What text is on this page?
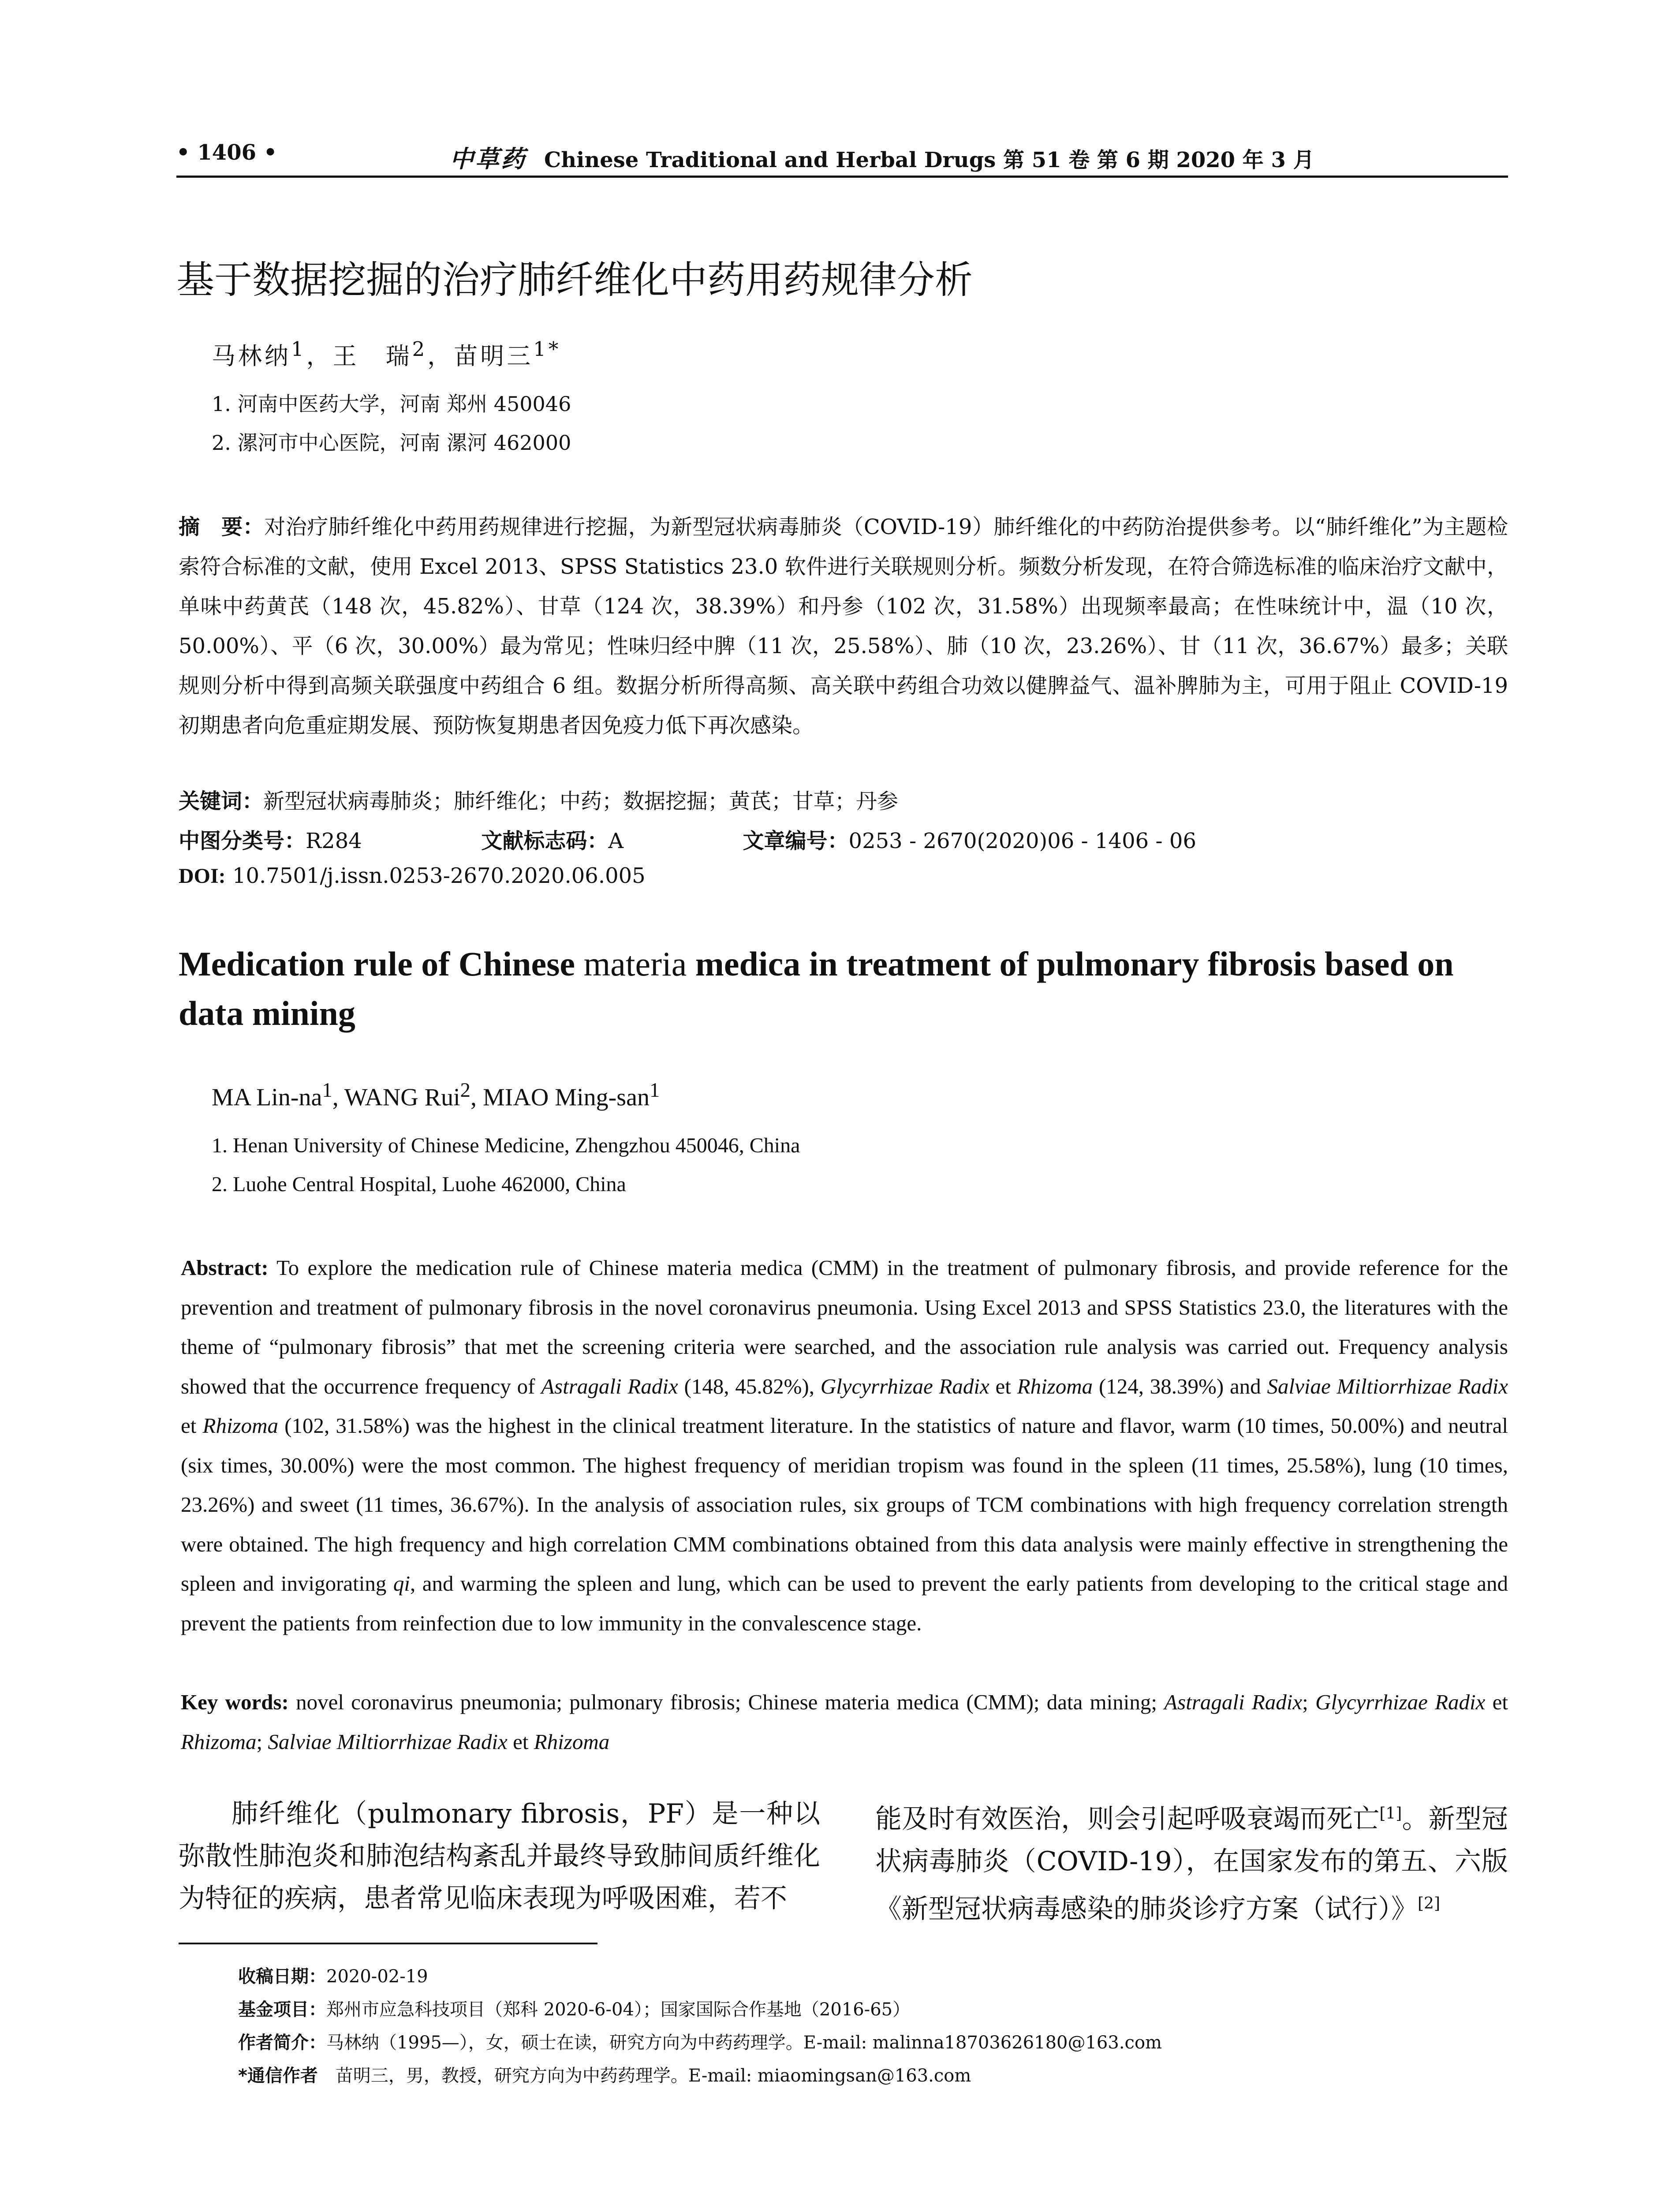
• 1406 •	中草药 Chinese Traditional and Herbal Drugs 第 51 卷 第 6 期 2020 年 3 月
基于数据挖掘的治疗肺纤维化中药用药规律分析
马林纳$^1$，王　瑞$^2$，苗明三$^{1*}$
1. 河南中医药大学，河南 郑州 450046
2. 漯河市中心医院，河南 漯河 462000
摘　要：对治疗肺纤维化中药用药规律进行挖掘，为新型冠状病毒肺炎（COVID-19）肺纤维化的中药防治提供参考。以“肺纤维化”为主题检索符合标准的文献，使用 Excel 2013、SPSS Statistics 23.0 软件进行关联规则分析。频数分析发现，在符合筛选标准的临床治疗文献中，单味中药黄芪（148 次，45.82%）、甘草（124 次，38.39%）和丹参（102 次，31.58%）出现频率最高；在性味统计中，温（10 次，50.00%）、平（6 次，30.00%）最为常见；性味归经中脾（11 次，25.58%）、肺（10 次，23.26%）、甘（11 次，36.67%）最多；关联规则分析中得到高频关联强度中药组合 6 组。数据分析所得高频、高关联中药组合功效以健脾益气、温补脾肺为主，可用于阻止 COVID-19 初期患者向危重症期发展、预防恢复期患者因免疫力低下再次感染。
关键词：新型冠状病毒肺炎；肺纤维化；中药；数据挖掘；黄芪；甘草；丹参
中图分类号：R284	文献标志码：A	文章编号：0253 - 2670(2020)06 - 1406 - 06
DOI: 10.7501/j.issn.0253-2670.2020.06.005
Medication rule of Chinese materia medica in treatment of pulmonary fibrosis based on data mining
MA Lin-$na^1$, WANG Rui$^2$, MIAO Ming-san$^1$
1. Henan University of Chinese Medicine, Zhengzhou 450046, China
2. Luohe Central Hospital, Luohe 462000, China
Abstract: To explore the medication rule of Chinese materia medica (CMM) in the treatment of pulmonary fibrosis, and provide reference for the prevention and treatment of pulmonary fibrosis in the novel coronavirus pneumonia. Using Excel 2013 and SPSS Statistics 23.0, the literatures with the theme of “pulmonary fibrosis” that met the screening criteria were searched, and the association rule analysis was carried out. Frequency analysis showed that the occurrence frequency of Astragali Radix (148, 45.82%), Glycyrrhizae Radix et Rhizoma (124, 38.39%) and Salviae Miltiorrhizae Radix et Rhizoma (102, 31.58%) was the highest in the clinical treatment literature. In the statistics of nature and flavor, warm (10 times, 50.00%) and neutral (six times, 30.00%) were the most common. The highest frequency of meridian tropism was found in the spleen (11 times, 25.58%), lung (10 times, 23.26%) and sweet (11 times, 36.67%). In the analysis of association rules, six groups of TCM combinations with high frequency correlation strength were obtained. The high frequency and high correlation CMM combinations obtained from this data analysis were mainly effective in strengthening the spleen and invigorating qi, and warming the spleen and lung, which can be used to prevent the early patients from developing to the critical stage and prevent the patients from reinfection due to low immunity in the convalescence stage.
Key words: novel coronavirus pneumonia; pulmonary fibrosis; Chinese materia medica (CMM); data mining; Astragali Radix; Glycyrrhizae Radix et Rhizoma; Salviae Miltiorrhizae Radix et Rhizoma
肺纤维化（pulmonary fibrosis，PF）是一种以弥散性肺泡炎和肺泡结构紊乱并最终导致肺间质纤维化为特征的疾病，患者常见临床表现为呼吸困难，若不
能及时有效医治，则会引起呼吸衰竭而死亡[1]。新型冠状病毒肺炎（COVID-19），在国家发布的第五、六版《新型冠状病毒感染的肺炎诊疗方案（试行）》[2]
收稿日期：2020-02-19
基金项目：郑州市应急科技项目（郑科 2020-6-04）；国家国际合作基地（2016-65）
作者简介：马林纳（1995—），女，硕士在读，研究方向为中药药理学。E-mail: malinna18703626180@163.com
*通信作者　苗明三，男，教授，研究方向为中药药理学。E-mail: miaomingsan@163.com
